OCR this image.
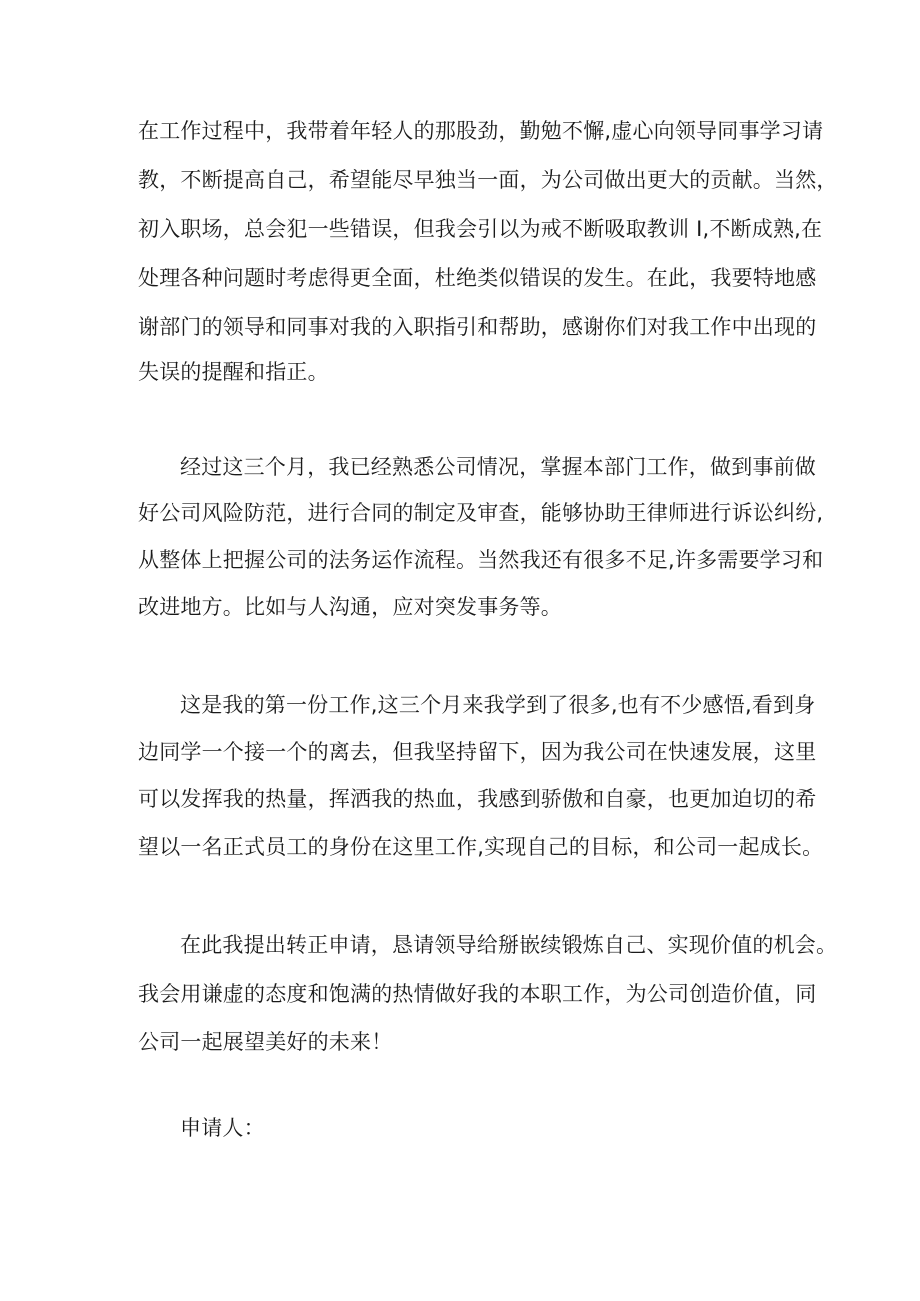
在工作过程中，我带着年轻人的那股劲，勤勉不懈,虚心向领导同事学习请
教，不断提高自己，希望能尽早独当一面，为公司做出更大的贡献。当然，
初入职场，总会犯一些错误，但我会引以为戒不断吸取教训 I,不断成熟,在
处理各种问题时考虑得更全面，杜绝类似错误的发生。在此，我要特地感
谢部门的领导和同事对我的入职指引和帮助，感谢你们对我工作中出现的
失误的提醒和指正。
经过这三个月，我已经熟悉公司情况，掌握本部门工作，做到事前做
好公司风险防范，进行合同的制定及审查，能够协助王律师进行诉讼纠纷,
从整体上把握公司的法务运作流程。当然我还有很多不足,许多需要学习和
改进地方。比如与人沟通，应对突发事务等。
这是我的第一份工作,这三个月来我学到了很多,也有不少感悟,看到身
边同学一个接一个的离去，但我坚持留下，因为我公司在快速发展，这里
可以发挥我的热量，挥洒我的热血，我感到骄傲和自豪，也更加迫切的希
望以一名正式员工的身份在这里工作,实现自己的目标，和公司一起成长。
在此我提出转正申请，恳请领导给掰嵌续锻炼自己、实现价值的机会。
我会用谦虚的态度和饱满的热情做好我的本职工作，为公司创造价值，同
公司一起展望美好的未来！
申请人：
